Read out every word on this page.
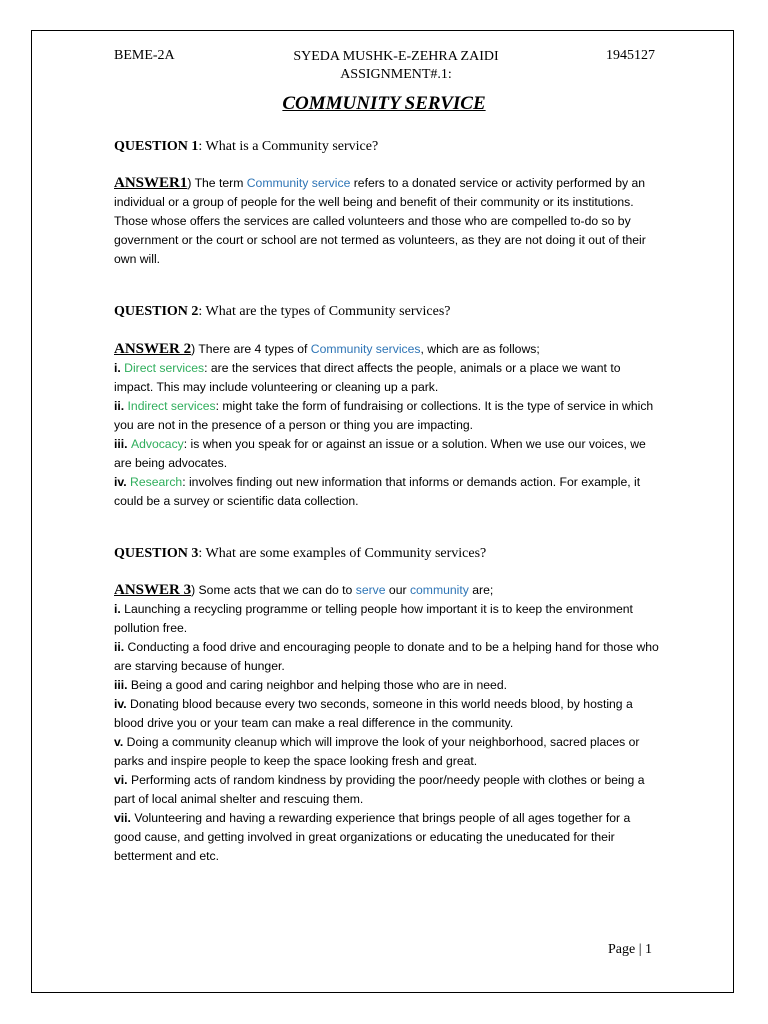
BEME-2A	SYEDA MUSHK-E-ZEHRA ZAIDI
ASSIGNMENT#.1:
1945127
COMMUNITY SERVICE
QUESTION 1: What is a Community service?

ANSWER1) The term Community service refers to a donated service or activity performed by an individual or a group of people for the well being and benefit of their community or its institutions. Those whose offers the services are called volunteers and those who are compelled to-do so by government or the court or school are not termed as volunteers, as they are not doing it out of their own will.

QUESTION 2: What are the types of Community services?

ANSWER 2) There are 4 types of Community services, which are as follows;

i. Direct services: are the services that direct affects the people, animals or a place we want to impact. This may include volunteering or cleaning up a park.

ii. Indirect services: might take the form of fundraising or collections. It is the type of service in which you are not in the presence of a person or thing you are impacting.

iii. Advocacy: is when you speak for or against an issue or a solution. When we use our voices, we are being advocates.

iv. Research: involves finding out new information that informs or demands action. For example, it could be a survey or scientific data collection.

QUESTION 3: What are some examples of Community services?

ANSWER 3) Some acts that we can do to serve our community are;

i. Launching a recycling programme or telling people how important it is to keep the environment pollution free.

ii. Conducting a food drive and encouraging people to donate and to be a helping hand for those who are starving because of hunger.

iii. Being a good and caring neighbor and helping those who are in need.

iv. Donating blood because every two seconds, someone in this world needs blood, by hosting a blood drive you or your team can make a real difference in the community.

v. Doing a community cleanup which will improve the look of your neighborhood, sacred places or parks and inspire people to keep the space looking fresh and great.

vi. Performing acts of random kindness by providing the poor/needy people with clothes or being a part of local animal shelter and rescuing them.

vii. Volunteering and having a rewarding experience that brings people of all ages together for a good cause, and getting involved in great organizations or educating the uneducated for their betterment and etc.

Page | 1
